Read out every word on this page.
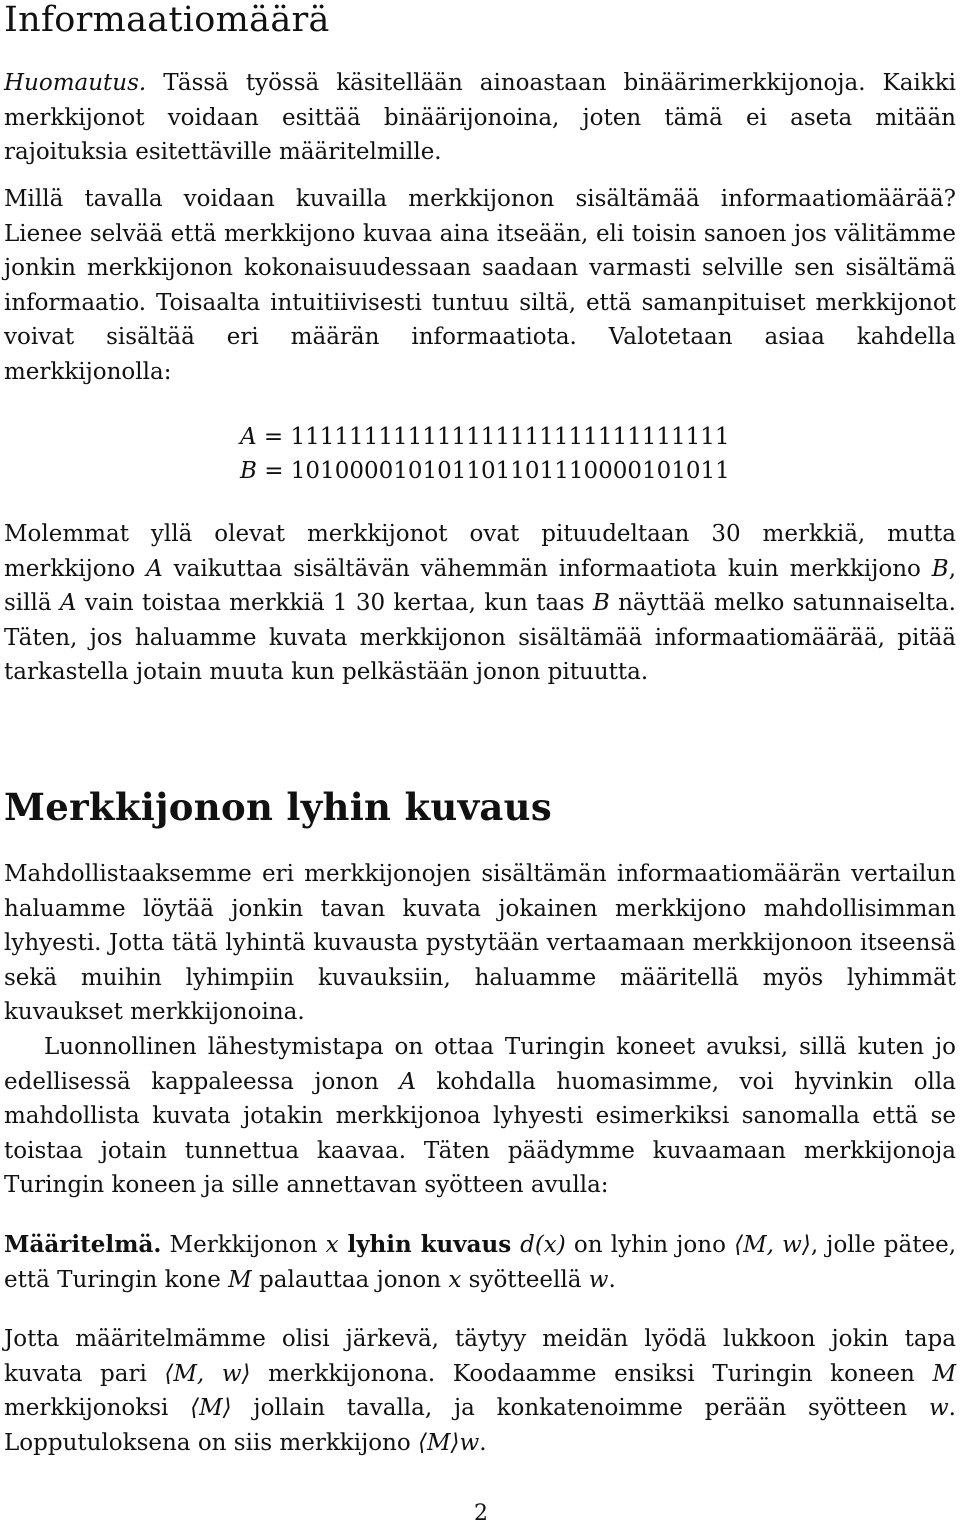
Informaatiomäärä

Huomautus. Tässä työssä käsitellään ainoastaan binäärimerkkijonoja. Kaikki merkkijonot voidaan esittää binäärijonoina, joten tämä ei aseta mitään rajoituksia esitettäville määritelmille.

Millä tavalla voidaan kuvailla merkkijonon sisältämää informaatiomäärää? Lienee selvää että merkkijono kuvaa aina itseään, eli toisin sanoen jos välitämme jonkin merkkijonon kokonaisuudessaan saadaan varmasti selville sen sisältämä informaatio. Toisaalta intuitiivisesti tuntuu siltä, että samanpituiset merkkijonot voivat sisältää eri määrän informaatiota. Valotetaan asiaa kahdella merkkijonolla:

A = 111111111111111111111111111111
B = 101000010101101101110000101011

Molemmat yllä olevat merkkijonot ovat pituudeltaan 30 merkkiä, mutta merkkijono A vaikuttaa sisältävän vähemmän informaatiota kuin merkkijono B, sillä A vain toistaa merkkiä 1 30 kertaa, kun taas B näyttää melko satunnaiselta. Täten, jos haluamme kuvata merkkijonon sisältämää informaatiomäärää, pitää tarkastella jotain muuta kun pelkästään jonon pituutta.

Merkkijonon lyhin kuvaus

Mahdollistaaksemme eri merkkijonojen sisältämän informaatiomäärän vertailun haluamme löytää jonkin tavan kuvata jokainen merkkijono mahdollisimman lyhyesti. Jotta tätä lyhintä kuvausta pystytään vertaamaan merkkijonoon itseensä sekä muihin lyhimpiin kuvauksiin, haluamme määritellä myös lyhimmät kuvaukset merkkijonoina.

Luonnollinen lähestymistapa on ottaa Turingin koneet avuksi, sillä kuten jo edellisessä kappaleessa jonon A kohdalla huomasimme, voi hyvinkin olla mahdollista kuvata jotakin merkkijonoa lyhyesti esimerkiksi sanomalla että se toistaa jotain tunnettua kaavaa. Täten päädymme kuvaamaan merkkijonoja Turingin koneen ja sille annettavan syötteen avulla:

Määritelmä. Merkkijonon x lyhin kuvaus d(x) on lyhin jono ⟨M, w⟩, jolle pätee, että Turingin kone M palauttaa jonon x syötteellä w.

Jotta määritelmämme olisi järkevä, täytyy meidän lyödä lukkoon jokin tapa kuvata pari ⟨M, w⟩ merkkijonona. Koodaamme ensiksi Turingin koneen M merkkijonoksi ⟨M⟩ jollain tavalla, ja konkatenoimme perään syötteen w. Lopputuloksena on siis merkkijono ⟨M⟩w.

2
